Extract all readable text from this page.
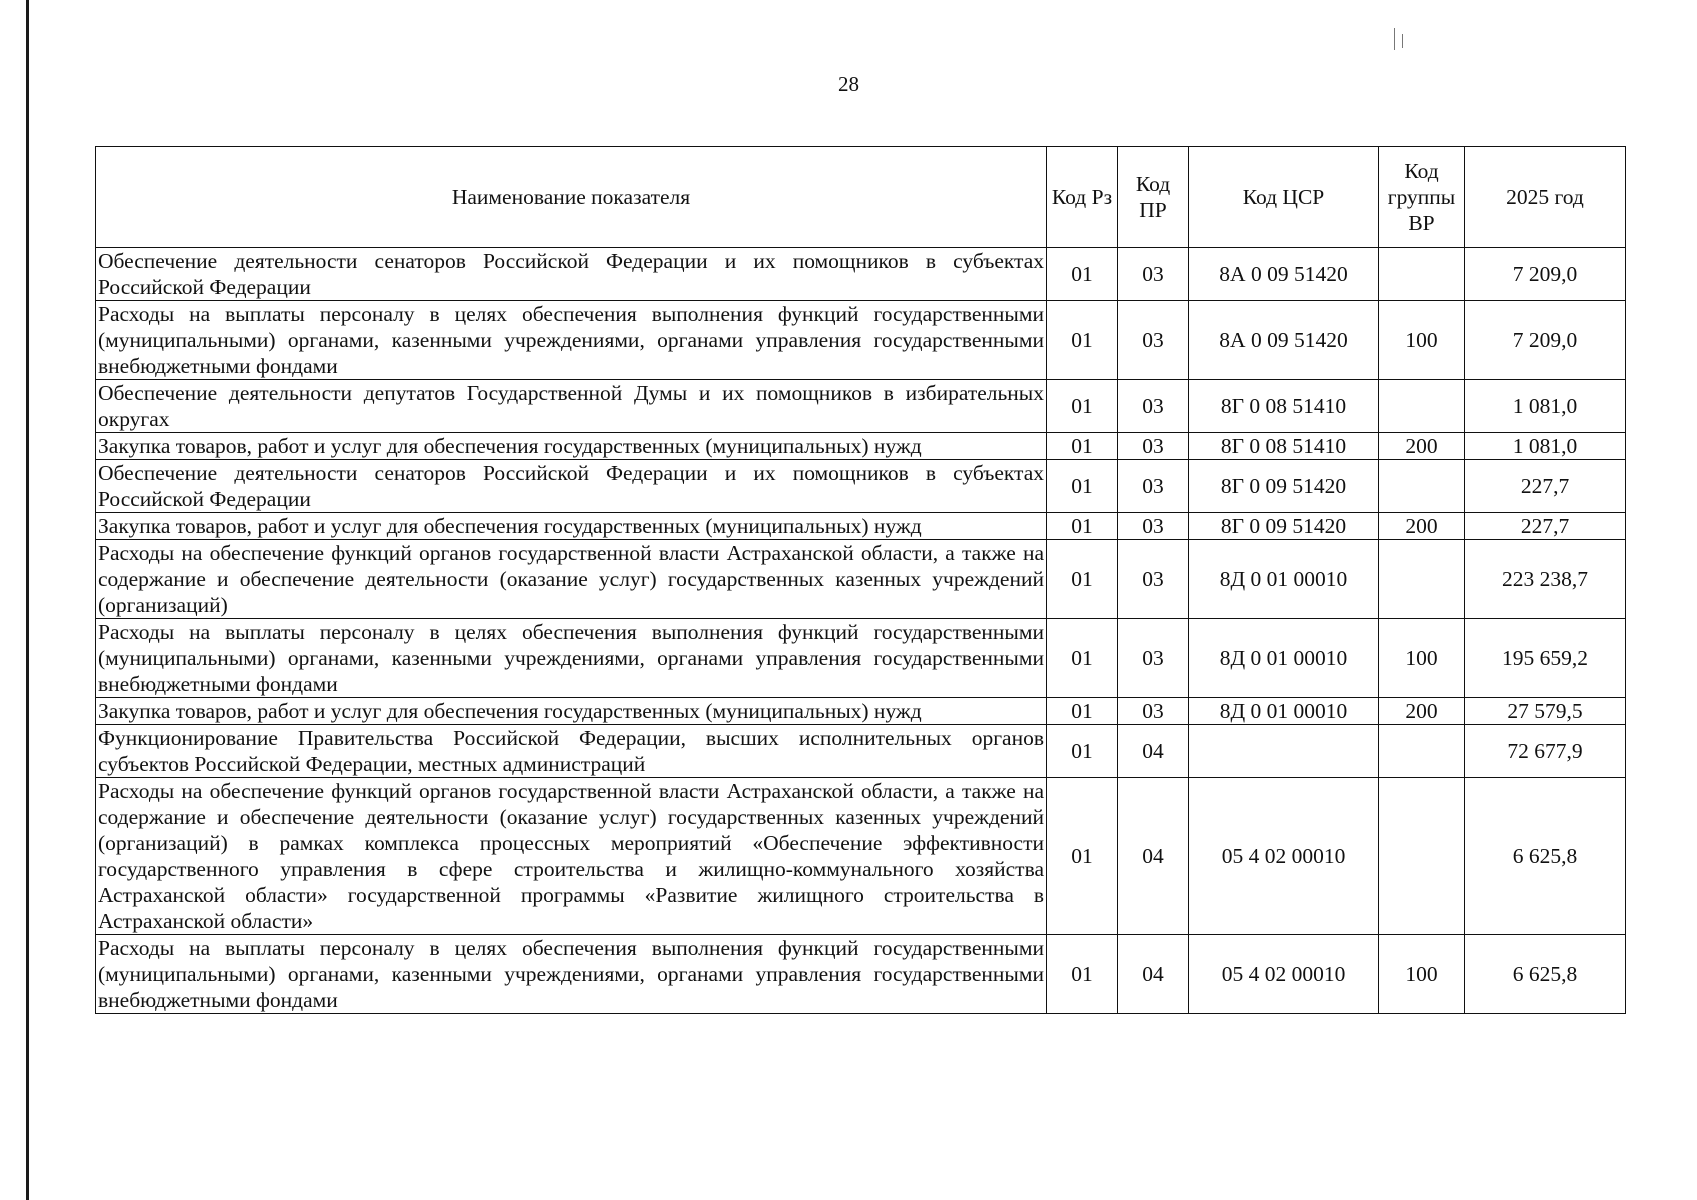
28
Наименование показателя	Код Рз	Код ПР	Код ЦСР	Код группы ВР	2025 год
Обеспечение деятельности сенаторов Российской Федерации и их помощников в субъектах Российской Федерации	01	03	8А 0 09 51420		7 209,0
Расходы на выплаты персоналу в целях обеспечения выполнения функций государственными (муниципальными) органами, казенными учреждениями, органами управления государственными внебюджетными фондами	01	03	8А 0 09 51420	100	7 209,0
Обеспечение деятельности депутатов Государственной Думы и их помощников в избирательных округах	01	03	8Г 0 08 51410		1 081,0
Закупка товаров, работ и услуг для обеспечения государственных (муниципальных) нужд	01	03	8Г 0 08 51410	200	1 081,0
Обеспечение деятельности сенаторов Российской Федерации и их помощников в субъектах Российской Федерации	01	03	8Г 0 09 51420		227,7
Закупка товаров, работ и услуг для обеспечения государственных (муниципальных) нужд	01	03	8Г 0 09 51420	200	227,7
Расходы на обеспечение функций органов государственной власти Астраханской области, а также на содержание и обеспечение деятельности (оказание услуг) государственных казенных учреждений (организаций)	01	03	8Д 0 01 00010		223 238,7
Расходы на выплаты персоналу в целях обеспечения выполнения функций государственными (муниципальными) органами, казенными учреждениями, органами управления государственными внебюджетными фондами	01	03	8Д 0 01 00010	100	195 659,2
Закупка товаров, работ и услуг для обеспечения государственных (муниципальных) нужд	01	03	8Д 0 01 00010	200	27 579,5
Функционирование Правительства Российской Федерации, высших исполнительных органов субъектов Российской Федерации, местных администраций	01	04			72 677,9
Расходы на обеспечение функций органов государственной власти Астраханской области, а также на содержание и обеспечение деятельности (оказание услуг) государственных казенных учреждений (организаций) в рамках комплекса процессных мероприятий «Обеспечение эффективности государственного управления в сфере строительства и жилищно-коммунального хозяйства Астраханской области» государственной программы «Развитие жилищного строительства в Астраханской области»	01	04	05 4 02 00010		6 625,8
Расходы на выплаты персоналу в целях обеспечения выполнения функций государственными (муниципальными) органами, казенными учреждениями, органами управления государственными внебюджетными фондами	01	04	05 4 02 00010	100	6 625,8
